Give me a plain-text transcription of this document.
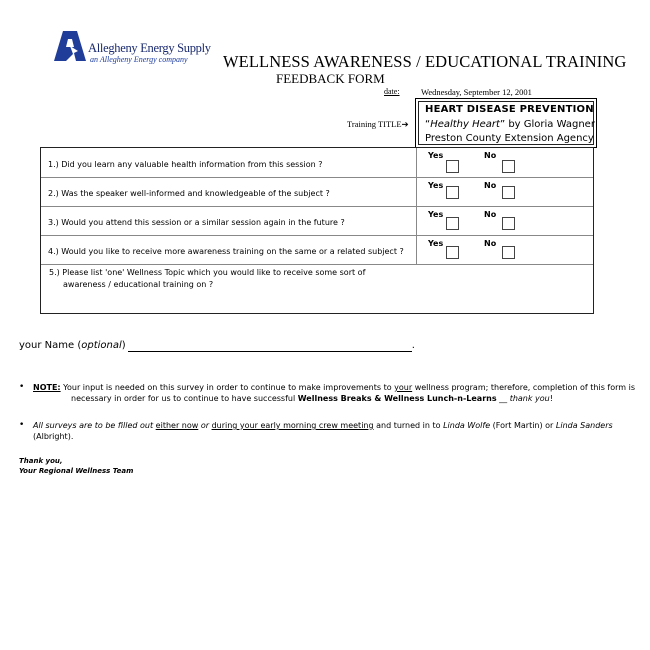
Allegheny Energy Supply
an Allegheny Energy company WELLNESS AWARENESS / EDUCATIONAL TRAINING
FEEDBACK FORM
date:	Wednesday, September 12, 2001
Training TITLE➔
HEART DISEASE PREVENTION
“Healthy Heart” by Gloria Wagner
Preston County Extension Agency
1.) Did you learn any valuable health information from this session ?
Yes	No
2.) Was the speaker well-informed and knowledgeable of the subject ?
Yes	No
3.) Would you attend this session or a similar session again in the future ?
Yes	No
4.) Would you like to receive more awareness training on the same or a related subject ?
Yes	No
5.) Please list 'one' Wellness Topic which you would like to receive some sort of
awareness / educational training on ?
your Name (optional)	.
• NOTE: Your input is needed on this survey in order to continue to make improvements to your wellness program; therefore, completion of this form is
necessary in order for us to continue to have successful Wellness Breaks & Wellness Lunch-n-Learns __ thank you!
• All surveys are to be filled out either now or during your early morning crew meeting and turned in to Linda Wolfe (Fort Martin) or Linda Sanders
(Albright).
Thank you,
Your Regional Wellness Team
